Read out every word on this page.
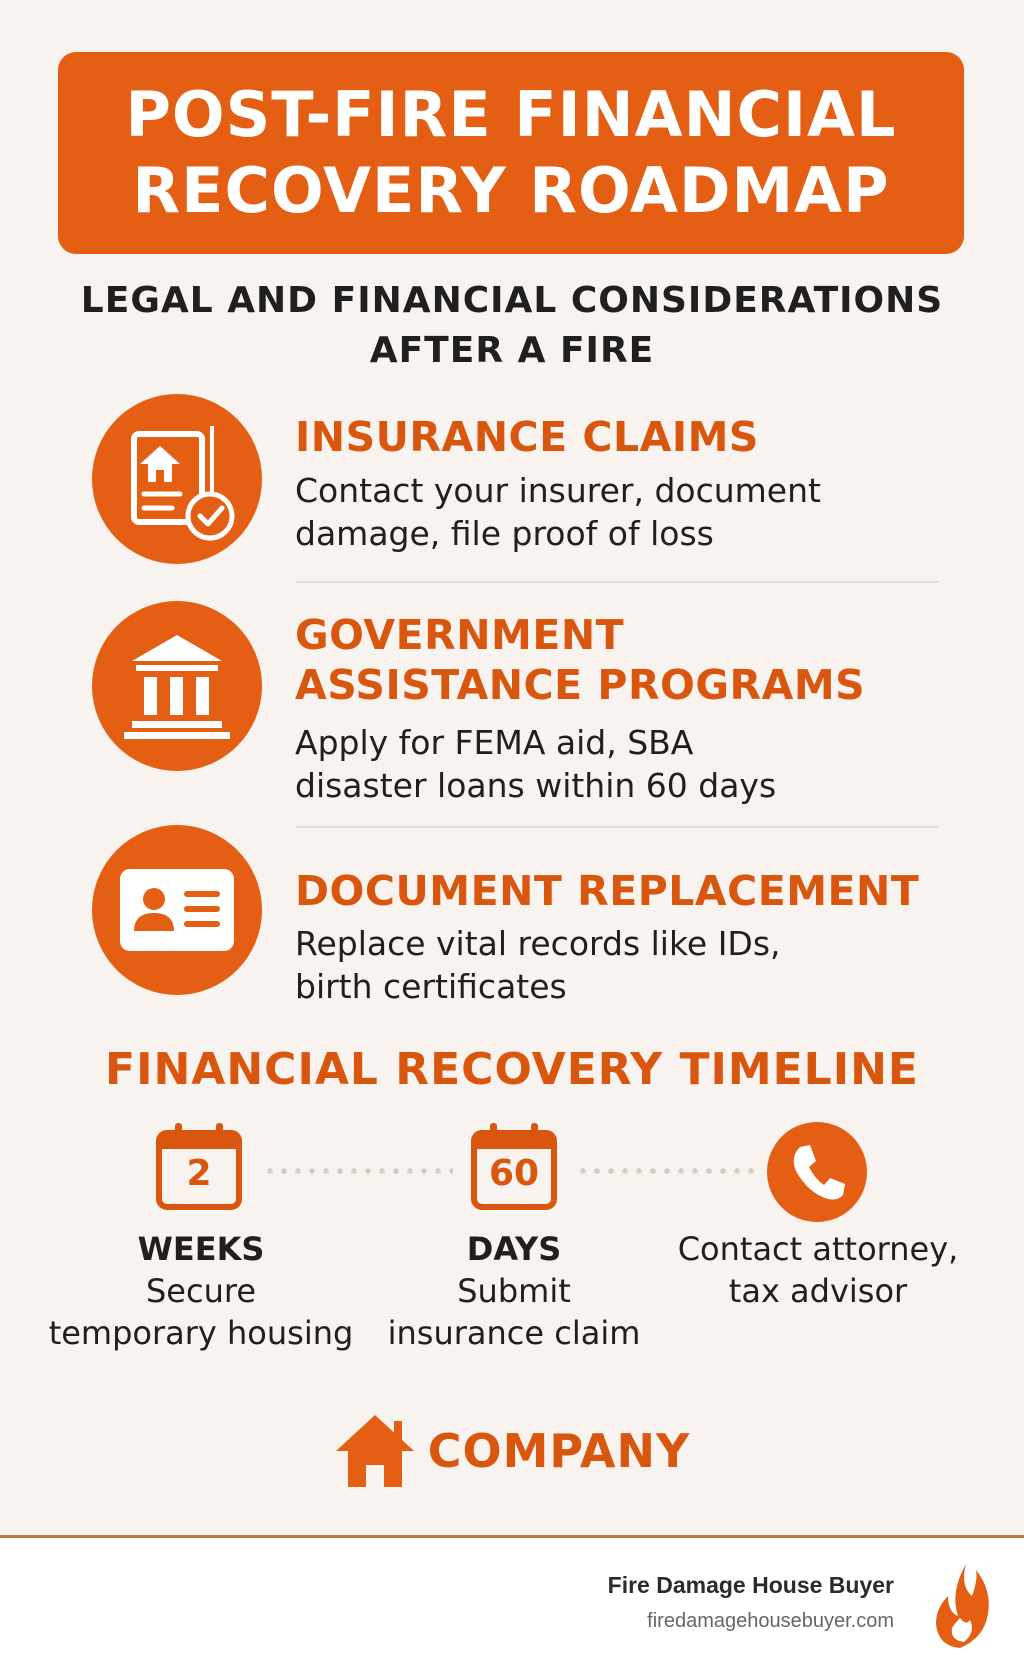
POST-FIRE FINANCIAL
RECOVERY ROADMAP
LEGAL AND FINANCIAL CONSIDERATIONS
AFTER A FIRE
INSURANCE CLAIMS
Contact your insurer, document
damage, file proof of loss
GOVERNMENT
ASSISTANCE PROGRAMS
Apply for FEMA aid, SBA
disaster loans within 60 days
DOCUMENT REPLACEMENT
Replace vital records like IDs,
birth certificates
FINANCIAL RECOVERY TIMELINE
2	60
WEEKS
Secure
temporary housing
DAYS
Submit
insurance claim
Contact attorney,
tax advisor
COMPANY
Fire Damage House Buyer
firedamagehousebuyer.com
